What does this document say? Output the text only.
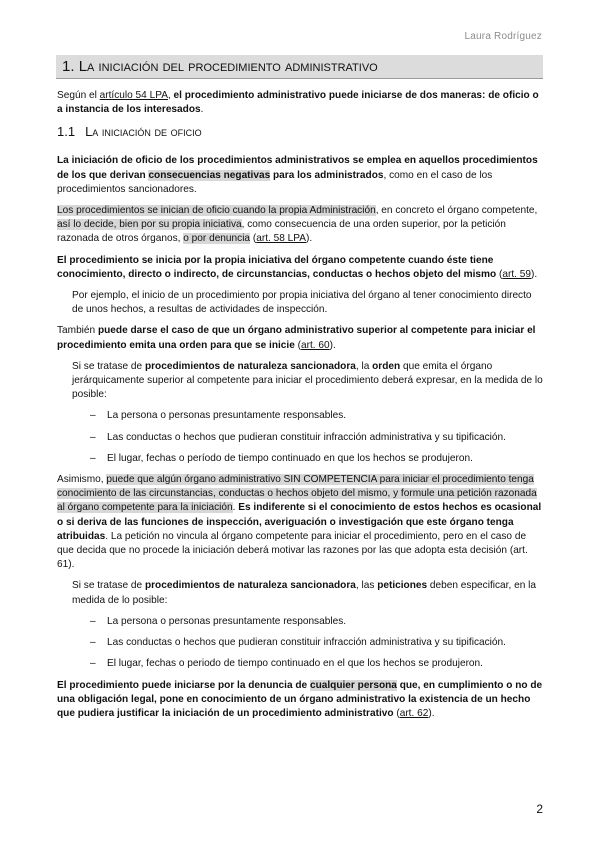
Laura Rodríguez
1. La iniciación del procedimiento administrativo

Según el artículo 54 LPA, el procedimiento administrativo puede iniciarse de dos maneras: de oficio o a instancia de los interesados.

La iniciación de oficio de los procedimientos administrativos se emplea en aquellos procedimientos de los que derivan consecuencias negativas para los administrados, como en el caso de los procedimientos sancionadores.

Los procedimientos se inician de oficio cuando la propia Administración, en concreto el órgano competente, así lo decide, bien por su propia iniciativa, como consecuencia de una orden superior, por la petición razonada de otros órganos, o por denuncia (art. 58 LPA).

El procedimiento se inicia por la propia iniciativa del órgano competente cuando éste tiene conocimiento, directo o indirecto, de circunstancias, conductas o hechos objeto del mismo (art. 59).

Por ejemplo, el inicio de un procedimiento por propia iniciativa del órgano al tener conocimiento directo de unos hechos, a resultas de actividades de inspección.

También puede darse el caso de que un órgano administrativo superior al competente para iniciar el procedimiento emita una orden para que se inicie (art. 60).

Si se tratase de procedimientos de naturaleza sancionadora, la orden que emita el órgano jerárquicamente superior al competente para iniciar el procedimiento deberá expresar, en la medida de lo posible:

– La persona o personas presuntamente responsables.
– Las conductas o hechos que pudieran constituir infracción administrativa y su tipificación.
– El lugar, fechas o período de tiempo continuado en que los hechos se produjeron.

Asimismo, puede que algún órgano administrativo SIN COMPETENCIA para iniciar el procedimiento tenga conocimiento de las circunstancias, conductas o hechos objeto del mismo, y formule una petición razonada al órgano competente para la iniciación. Es indiferente si el conocimiento de estos hechos es ocasional o si deriva de las funciones de inspección, averiguación o investigación que este órgano tenga atribuidas. La petición no vincula al órgano competente para iniciar el procedimiento, pero en el caso de que decida que no procede la iniciación deberá motivar las razones por las que adopta esta decisión (art. 61).

Si se tratase de procedimientos de naturaleza sancionadora, las peticiones deben especificar, en la medida de lo posible:

– La persona o personas presuntamente responsables.
– Las conductas o hechos que pudieran constituir infracción administrativa y su tipificación.
– El lugar, fechas o periodo de tiempo continuado en el que los hechos se produjeron.

El procedimiento puede iniciarse por la denuncia de cualquier persona que, en cumplimiento o no de una obligación legal, pone en conocimiento de un órgano administrativo la existencia de un hecho que pudiera justificar la iniciación de un procedimiento administrativo (art. 62).

1.1 La iniciación de oficio
2
